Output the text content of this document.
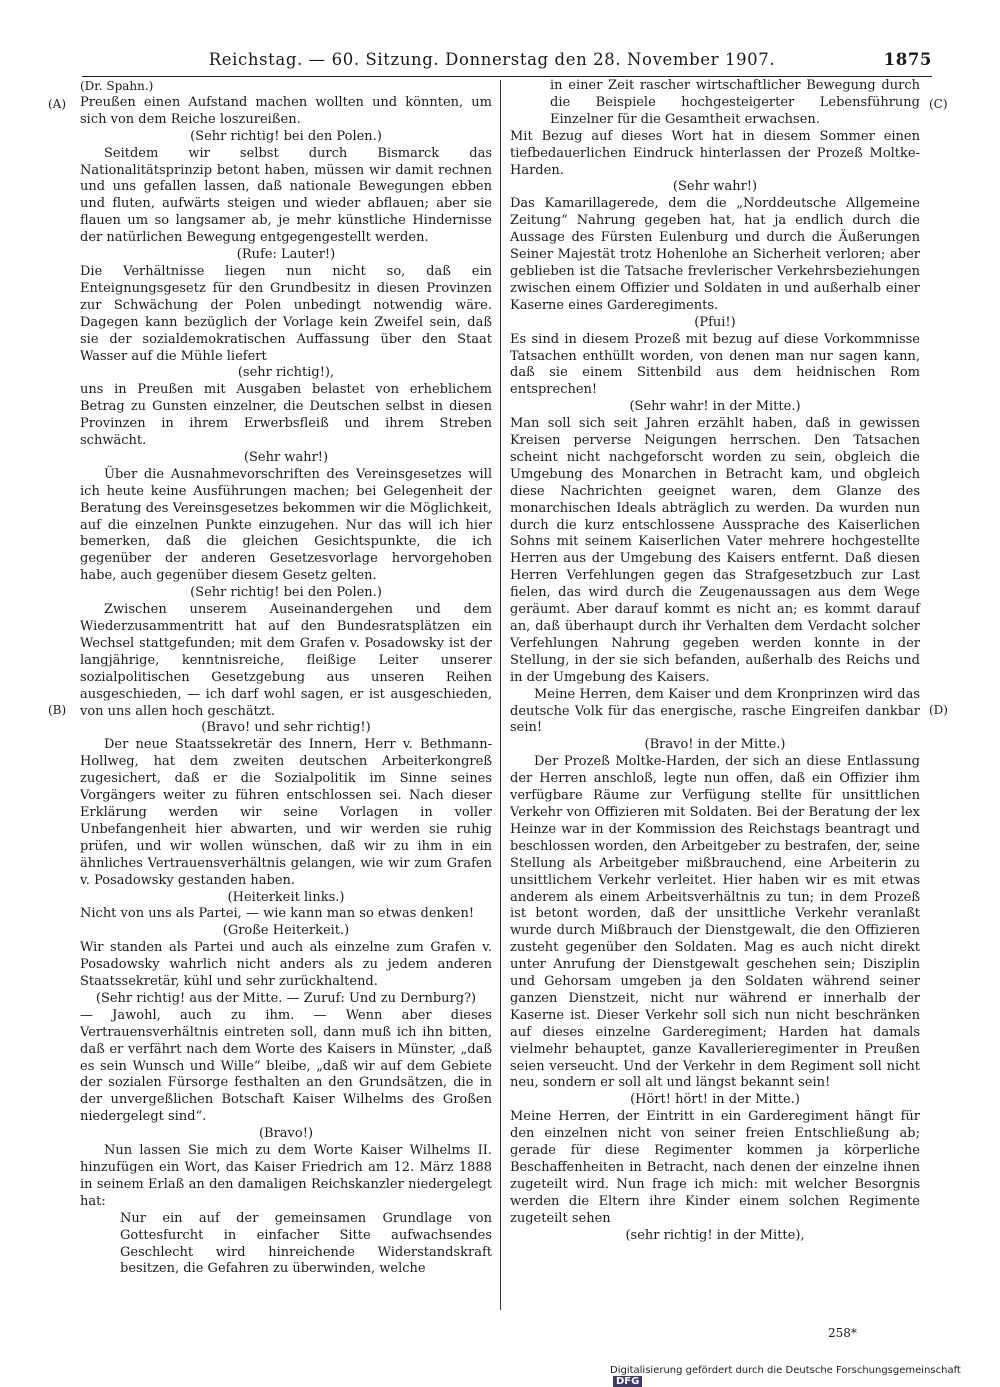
Reichstag. — 60. Sitzung. Donnerstag den 28. November 1907.	1875
(A)
(B)
(C)
(D)

(Dr. Spahn.)

Preußen einen Aufstand machen wollten und könnten, um sich von dem Reiche loszureißen.

(Sehr richtig! bei den Polen.)

Seitdem wir selbst durch Bismarck das Nationalitätsprinzip betont haben, müssen wir damit rechnen und uns gefallen lassen, daß nationale Bewegungen ebben und fluten, aufwärts steigen und wieder abflauen; aber sie flauen um so langsamer ab, je mehr künstliche Hindernisse der natürlichen Bewegung entgegengestellt werden.

(Rufe: Lauter!)

Die Verhältnisse liegen nun nicht so, daß ein Enteignungsgesetz für den Grundbesitz in diesen Provinzen zur Schwächung der Polen unbedingt notwendig wäre. Dagegen kann bezüglich der Vorlage kein Zweifel sein, daß sie der sozialdemokratischen Auffassung über den Staat Wasser auf die Mühle liefert

(sehr richtig!),

uns in Preußen mit Ausgaben belastet von erheblichem Betrag zu Gunsten einzelner, die Deutschen selbst in diesen Provinzen in ihrem Erwerbsfleiß und ihrem Streben schwächt.

(Sehr wahr!)

Über die Ausnahmevorschriften des Vereinsgesetzes will ich heute keine Ausführungen machen; bei Gelegenheit der Beratung des Vereinsgesetzes bekommen wir die Möglichkeit, auf die einzelnen Punkte einzugehen. Nur das will ich hier bemerken, daß die gleichen Gesichtspunkte, die ich gegenüber der anderen Gesetzesvorlage hervorgehoben habe, auch gegenüber diesem Gesetz gelten.

(Sehr richtig! bei den Polen.)

Zwischen unserem Auseinandergehen und dem Wiederzusammentritt hat auf den Bundesratsplätzen ein Wechsel stattgefunden; mit dem Grafen v. Posadowsky ist der langjährige, kenntnisreiche, fleißige Leiter unserer sozialpolitischen Gesetzgebung aus unseren Reihen ausgeschieden, — ich darf wohl sagen, er ist ausgeschieden, von uns allen hoch geschätzt.

(Bravo! und sehr richtig!)

Der neue Staatssekretär des Innern, Herr v. Bethmann-Hollweg, hat dem zweiten deutschen Arbeiterkongreß zugesichert, daß er die Sozialpolitik im Sinne seines Vorgängers weiter zu führen entschlossen sei. Nach dieser Erklärung werden wir seine Vorlagen in voller Unbefangenheit hier abwarten, und wir werden sie ruhig prüfen, und wir wollen wünschen, daß wir zu ihm in ein ähnliches Vertrauensverhältnis gelangen, wie wir zum Grafen v. Posadowsky gestanden haben.

(Heiterkeit links.)

Nicht von uns als Partei, — wie kann man so etwas denken!

(Große Heiterkeit.)

Wir standen als Partei und auch als einzelne zum Grafen v. Posadowsky wahrlich nicht anders als zu jedem anderen Staatssekretär, kühl und sehr zurückhaltend.

(Sehr richtig! aus der Mitte. — Zuruf: Und zu Dernburg?)

— Jawohl, auch zu ihm. — Wenn aber dieses Vertrauensverhältnis eintreten soll, dann muß ich ihn bitten, daß er verfährt nach dem Worte des Kaisers in Münster, „daß es sein Wunsch und Wille“ bleibe, „daß wir auf dem Gebiete der sozialen Fürsorge festhalten an den Grundsätzen, die in der unvergeßlichen Botschaft Kaiser Wilhelms des Großen niedergelegt sind“.

(Bravo!)

Nun lassen Sie mich zu dem Worte Kaiser Wilhelms II. hinzufügen ein Wort, das Kaiser Friedrich am 12. März 1888 in seinem Erlaß an den damaligen Reichskanzler niedergelegt hat:

Nur ein auf der gemeinsamen Grundlage von Gottesfurcht in einfacher Sitte aufwachsendes Geschlecht wird hinreichende Widerstandskraft besitzen, die Gefahren zu überwinden, welche

in einer Zeit rascher wirtschaftlicher Bewegung durch die Beispiele hochgesteigerter Lebensführung Einzelner für die Gesamtheit erwachsen.

Mit Bezug auf dieses Wort hat in diesem Sommer einen tiefbedauerlichen Eindruck hinterlassen der Prozeß Moltke-Harden.

(Sehr wahr!)

Das Kamarillagerede, dem die „Norddeutsche Allgemeine Zeitung“ Nahrung gegeben hat, hat ja endlich durch die Aussage des Fürsten Eulenburg und durch die Äußerungen Seiner Majestät trotz Hohenlohe an Sicherheit verloren; aber geblieben ist die Tatsache frevlerischer Verkehrsbeziehungen zwischen einem Offizier und Soldaten in und außerhalb einer Kaserne eines Garderegiments.

(Pfui!)

Es sind in diesem Prozeß mit bezug auf diese Vorkommnisse Tatsachen enthüllt worden, von denen man nur sagen kann, daß sie einem Sittenbild aus dem heidnischen Rom entsprechen!

(Sehr wahr! in der Mitte.)

Man soll sich seit Jahren erzählt haben, daß in gewissen Kreisen perverse Neigungen herrschen. Den Tatsachen scheint nicht nachgeforscht worden zu sein, obgleich die Umgebung des Monarchen in Betracht kam, und obgleich diese Nachrichten geeignet waren, dem Glanze des monarchischen Ideals abträglich zu werden. Da wurden nun durch die kurz entschlossene Aussprache des Kaiserlichen Sohns mit seinem Kaiserlichen Vater mehrere hochgestellte Herren aus der Umgebung des Kaisers entfernt. Daß diesen Herren Verfehlungen gegen das Strafgesetzbuch zur Last fielen, das wird durch die Zeugenaussagen aus dem Wege geräumt. Aber darauf kommt es nicht an; es kommt darauf an, daß überhaupt durch ihr Verhalten dem Verdacht solcher Verfehlungen Nahrung gegeben werden konnte in der Stellung, in der sie sich befanden, außerhalb des Reichs und in der Umgebung des Kaisers.

Meine Herren, dem Kaiser und dem Kronprinzen wird das deutsche Volk für das energische, rasche Eingreifen dankbar sein!

(Bravo! in der Mitte.)

Der Prozeß Moltke-Harden, der sich an diese Entlassung der Herren anschloß, legte nun offen, daß ein Offizier ihm verfügbare Räume zur Verfügung stellte für unsittlichen Verkehr von Offizieren mit Soldaten. Bei der Beratung der lex Heinze war in der Kommission des Reichstags beantragt und beschlossen worden, den Arbeitgeber zu bestrafen, der, seine Stellung als Arbeitgeber mißbrauchend, eine Arbeiterin zu unsittlichem Verkehr verleitet. Hier haben wir es mit etwas anderem als einem Arbeitsverhältnis zu tun; in dem Prozeß ist betont worden, daß der unsittliche Verkehr veranlaßt wurde durch Mißbrauch der Dienstgewalt, die den Offizieren zusteht gegenüber den Soldaten. Mag es auch nicht direkt unter Anrufung der Dienstgewalt geschehen sein; Disziplin und Gehorsam umgeben ja den Soldaten während seiner ganzen Dienstzeit, nicht nur während er innerhalb der Kaserne ist. Dieser Verkehr soll sich nun nicht beschränken auf dieses einzelne Garderegiment; Harden hat damals vielmehr behauptet, ganze Kavallerieregimenter in Preußen seien verseucht. Und der Verkehr in dem Regiment soll nicht neu, sondern er soll alt und längst bekannt sein!

(Hört! hört! in der Mitte.)

Meine Herren, der Eintritt in ein Garderegiment hängt für den einzelnen nicht von seiner freien Entschließung ab; gerade für diese Regimenter kommen ja körperliche Beschaffenheiten in Betracht, nach denen der einzelne ihnen zugeteilt wird. Nun frage ich mich: mit welcher Besorgnis werden die Eltern ihre Kinder einem solchen Regimente zugeteilt sehen

(sehr richtig! in der Mitte),

258*
Digitalisierung gefördert durch die Deutsche Forschungsgemeinschaft DFG
